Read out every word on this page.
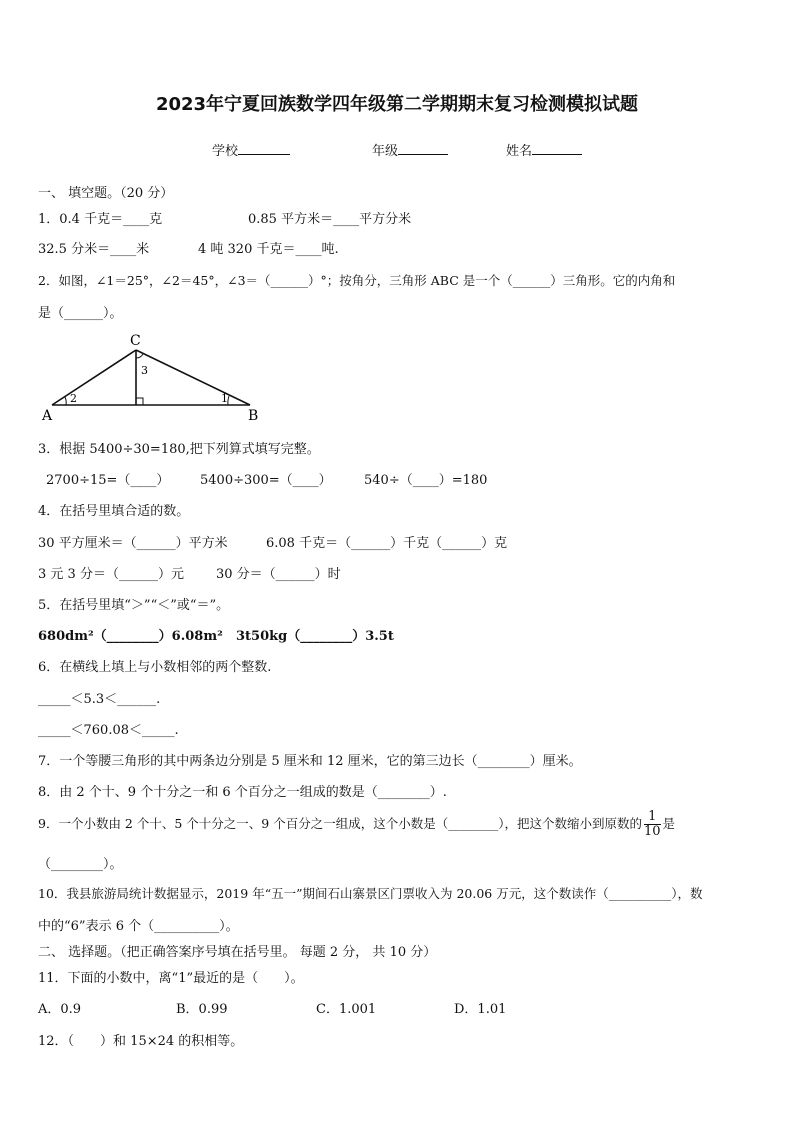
2023年宁夏回族数学四年级第二学期期末复习检测模拟试题
学校	年级	姓名
一、 填空题。（20 分）
1．0.4 千克＝____克	0.85 平方米＝____平方分米
32.5 分米＝____米	4 吨 320 千克＝____吨.
2．如图，∠1＝25°，∠2＝45°，∠3＝（______）°；按角分，三角形 ABC 是一个（______）三角形。它的内角和
是（______）。
A	B
C
1
2
3
3．根据 5400÷30=180,把下列算式填写完整。
2700÷15=（____） 5400÷300=（____） 540÷（____）=180
4．在括号里填合适的数。
30 平方厘米＝（______）平方米	6.08 千克＝（______）千克（______）克
3 元 3 分＝（______）元 30 分＝（______）时
5．在括号里填“＞”“＜”或“＝”。
680dm²（________）6.08m² 3t50kg（________）3.5t
6．在横线上填上与小数相邻的两个整数.
_____＜5.3＜______.
_____＜760.08＜_____.
7．一个等腰三角形的其中两条边分别是 5 厘米和 12 厘米，它的第三边长（________）厘米。
8．由 2 个十、9 个十分之一和 6 个百分之一组成的数是（________）.
9．一个小数由 2 个十、5 个十分之一、9 个百分之一组成，这个小数是（________），把这个数缩小到原数的 $\frac{1}{10}$ 是
（________）。
10．我县旅游局统计数据显示，2019 年“五一”期间石山寨景区门票收入为 20.06 万元，这个数读作（__________），数
中的“6”表示 6 个（__________）。
二、 选择题。（把正确答案序号填在括号里。 每题 2 分， 共 10 分）
11．下面的小数中，离“1”最近的是（　　）。
A．0.9	B．0.99	C．1.001	D．1.01
12．（　　）和 15×24 的积相等。
